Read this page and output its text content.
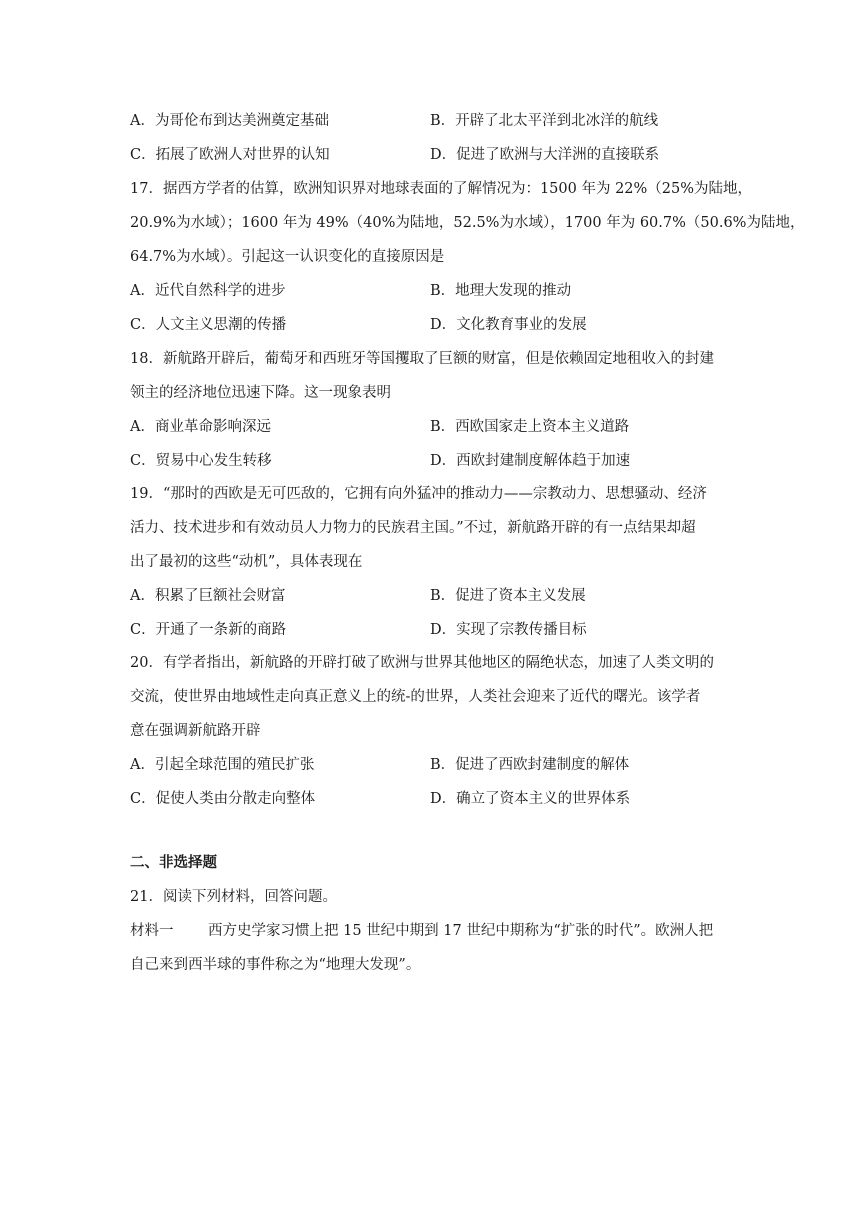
A．为哥伦布到达美洲奠定基础	B．开辟了北太平洋到北冰洋的航线
C．拓展了欧洲人对世界的认知	D．促进了欧洲与大洋洲的直接联系
17．据西方学者的估算，欧洲知识界对地球表面的了解情况为：1500 年为 22%（25%为陆地，
20.9%为水域）；1600 年为 49%（40%为陆地，52.5%为水域），1700 年为 60.7%（50.6%为陆地，
64.7%为水域）。引起这一认识变化的直接原因是
A．近代自然科学的进步	B．地理大发现的推动
C．人文主义思潮的传播	D．文化教育事业的发展
18．新航路开辟后，葡萄牙和西班牙等国攫取了巨额的财富，但是依赖固定地租收入的封建
领主的经济地位迅速下降。这一现象表明
A．商业革命影响深远	B．西欧国家走上资本主义道路
C．贸易中心发生转移	D．西欧封建制度解体趋于加速
19．“那时的西欧是无可匹敌的，它拥有向外猛冲的推动力——宗教动力、思想骚动、经济
活力、技术进步和有效动员人力物力的民族君主国。”不过，新航路开辟的有一点结果却超
出了最初的这些“动机”，具体表现在
A．积累了巨额社会财富	B．促进了资本主义发展
C．开通了一条新的商路	D．实现了宗教传播目标
20．有学者指出，新航路的开辟打破了欧洲与世界其他地区的隔绝状态，加速了人类文明的
交流，使世界由地域性走向真正意义上的统-的世界，人类社会迎来了近代的曙光。该学者
意在强调新航路开辟
A．引起全球范围的殖民扩张	B．促进了西欧封建制度的解体
C．促使人类由分散走向整体	D．确立了资本主义的世界体系
二、非选择题
21．阅读下列材料，回答问题。
材料一 西方史学家习惯上把 15 世纪中期到 17 世纪中期称为“扩张的时代”。欧洲人把
自己来到西半球的事件称之为“地理大发现”。
